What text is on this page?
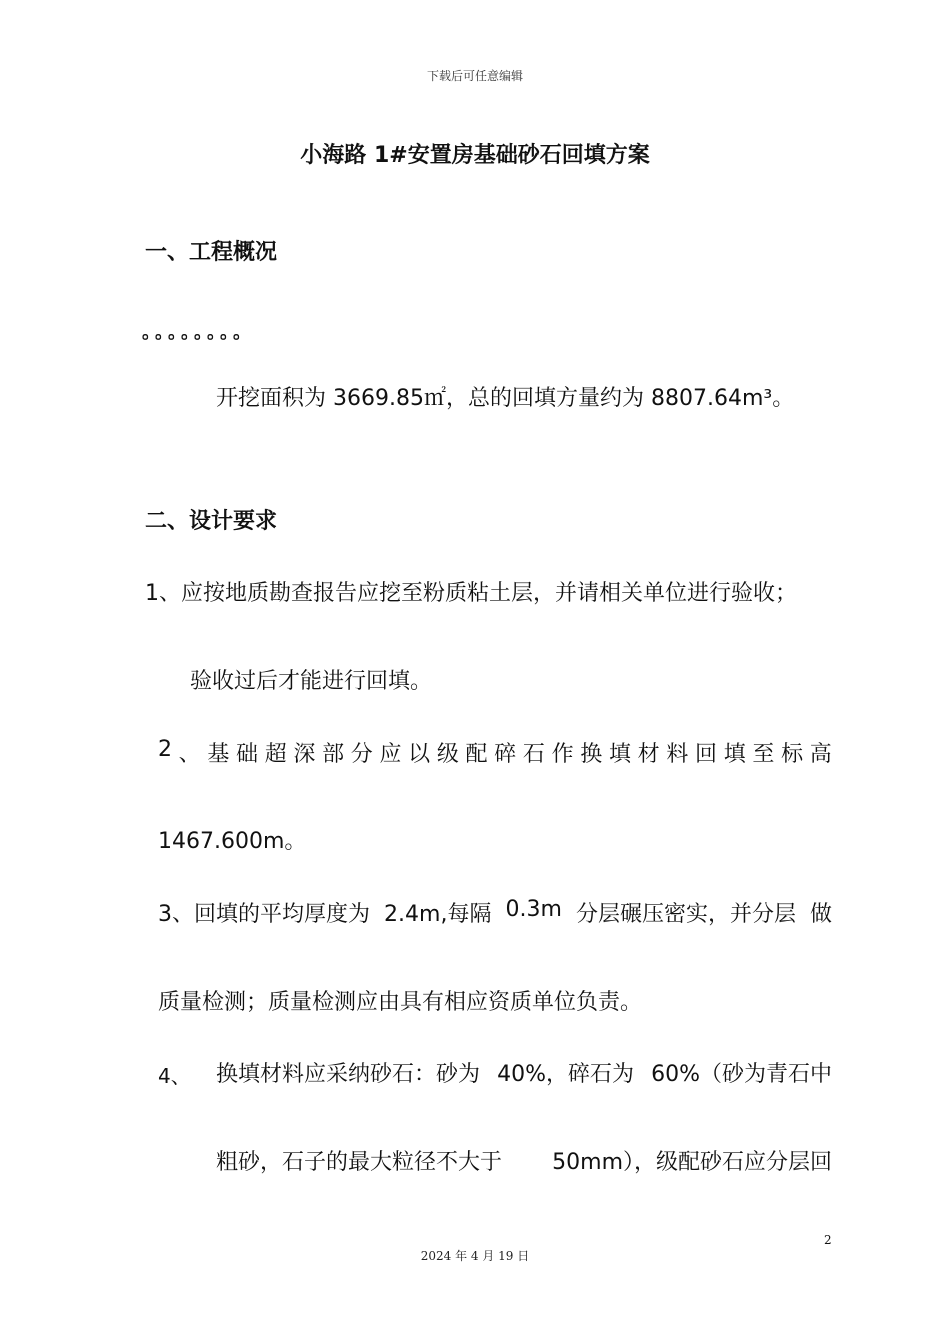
下载后可任意编辑
小海路 1#安置房基础砂石回填方案
一、工程概况
。。。。。。。。
开挖面积为 3669.85㎡，总的回填方量约为 8807.64m³。
二、设计要求
1、应按地质勘查报告应挖至粉质粘土层，并请相关单位进行验收；
验收过后才能进行回填。
2 、 基 础 超 深 部 分 应 以 级 配 碎 石 作 换 填 材 料 回 填 至 标 高
1467.600m。
3、回填的平均厚度为 2.4m,每隔 0.3m 分层碾压密实，并分层 做
质量检测；质量检测应由具有相应资质单位负责。
4、 换填材料应采纳砂石：砂为 40%，碎石为 60%（砂为青石中
粗砂，石子的最大粒径不大于 50mm），级配砂石应分层回
2
2024 年 4 月 19 日
